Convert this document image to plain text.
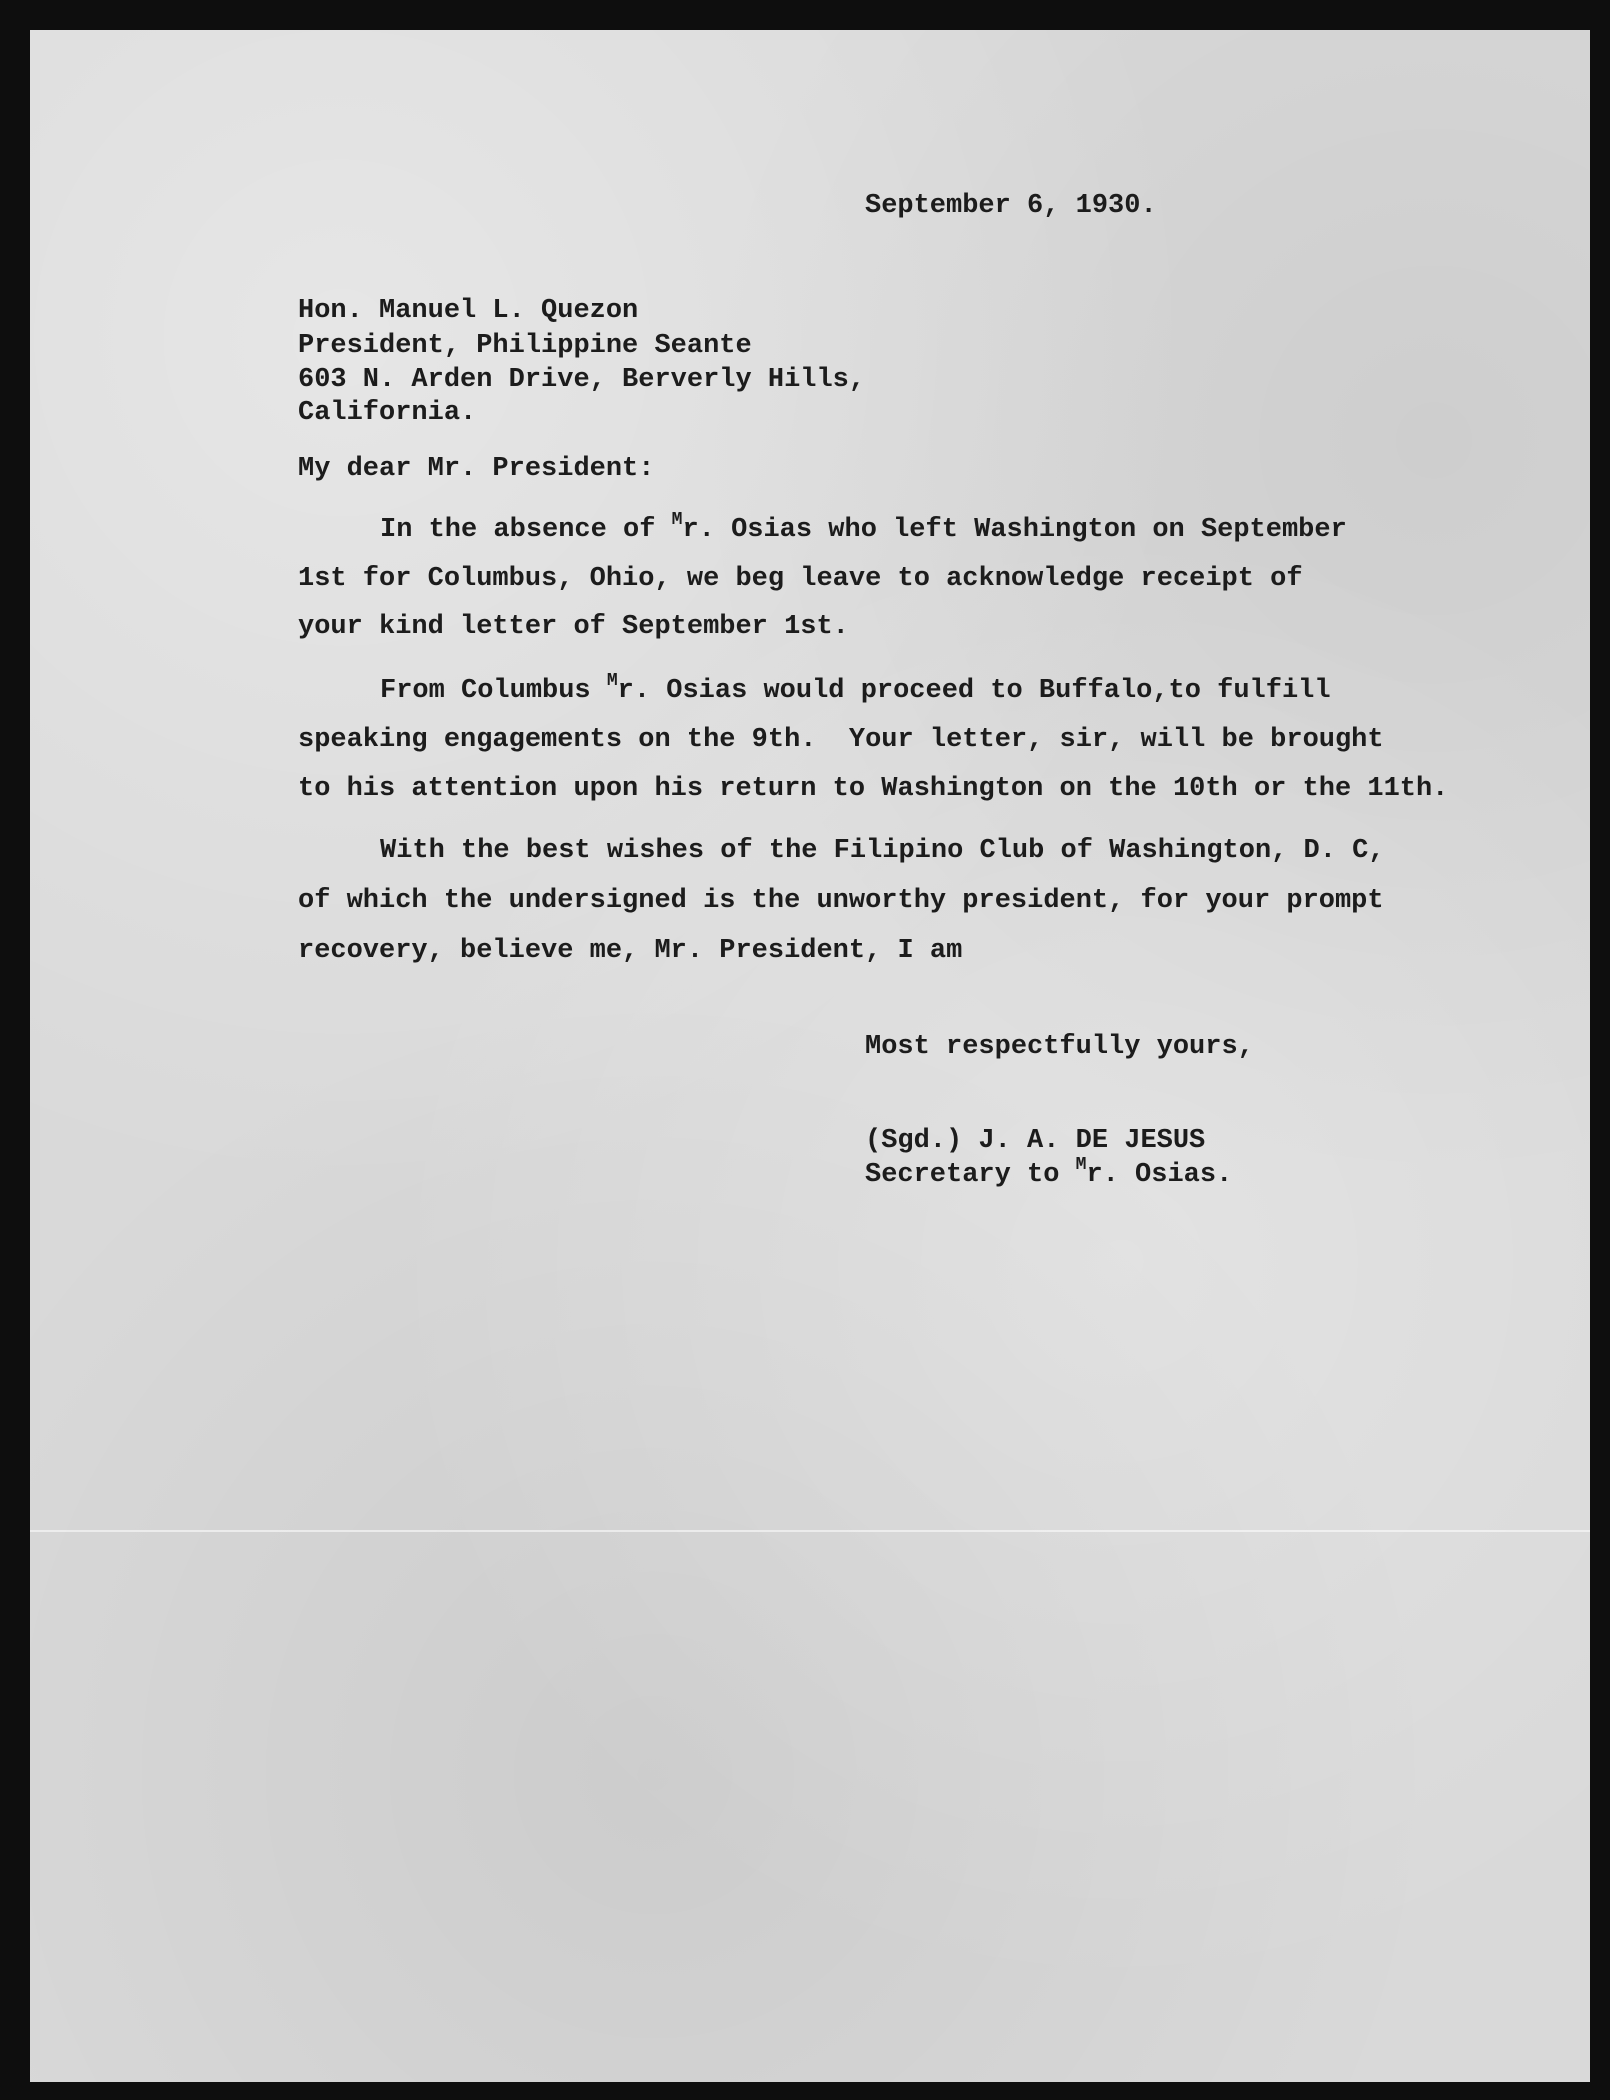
September 6, 1930.

Hon. Manuel L. Quezon

President, Philippine Seante

603 N. Arden Drive, Berverly Hills,

California.

My dear Mr. President:

In the absence of $^M$r. Osias who left Washington on September

1st for Columbus, Ohio, we beg leave to acknowledge receipt of

your kind letter of September 1st.

From Columbus $^M$r. Osias would proceed to Buffalo,to fulfill

speaking engagements on the 9th.  Your letter, sir, will be brought

to his attention upon his return to Washington on the 10th or the 11th.

With the best wishes of the Filipino Club of Washington, D. C,

of which the undersigned is the unworthy president, for your prompt

recovery, believe me, Mr. President, I am

Most respectfully yours,

(Sgd.) J. A. DE JESUS

Secretary to $^M$r. Osias.
